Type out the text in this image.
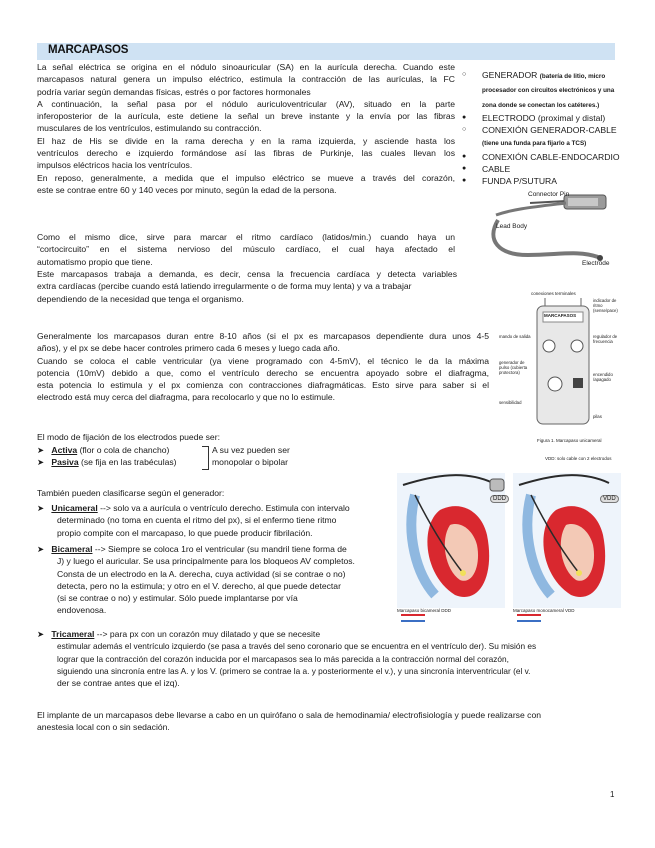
MARCAPASOS
La señal eléctrica se origina en el nódulo sinoauricular (SA) en la aurícula derecha. Cuando este
marcapasos natural genera un impulso eléctrico, estimula la contracción de las aurículas, la FC
podría variar según demandas físicas, estrés o por factores hormonales
A continuación, la señal pasa por el nódulo auriculoventricular (AV), situado en la parte
inferoposterior de la aurícula, este detiene la señal un breve instante y la envía por las fibras
musculares de los ventrículos, estimulando su contracción.
El haz de His se divide en la rama derecha y en la rama izquierda, y asciende hasta los
ventrículos derecho e izquierdo formándose así las fibras de Purkinje, las cuales llevan los
impulsos eléctricos hacia los ventrículos.
En reposo, generalmente, a medida que el impulso eléctrico se mueve a través del corazón,
este se contrae entre 60 y 140 veces por minuto, según la edad de la persona.
○ GENERADOR (batería de litio, micro procesador con circuitos electrónicos y una zona donde se conectan los catéteres.)
● ELECTRODO (proximal y distal)
○ CONEXIÓN GENERADOR-CABLE (tiene una funda para fijarlo a TCS)
● CONEXIÓN CABLE-ENDOCARDIO
● CABLE
● FUNDA P/SUTURA
Connector Pin
Lead Body
Electrode
Como el mismo dice, sirve para marcar el ritmo cardíaco (latidos/min.) cuando haya un
“cortocircuito” en el sistema nervioso del músculo cardíaco, el cual haya afectado el
automatismo propio que tiene.
Este marcapasos trabaja a demanda, es decir, censa la frecuencia cardíaca y detecta variables
extra cardíacas (percibe cuando está latiendo irregularmente o de forma muy lenta) y va a trabajar
dependiendo de la necesidad que tenga el organismo.
conexiones terminales
MARCAPASOS
mando de salida
generador de pulso (cubierta protectora)
sensibilidad
indicador de ritmo (sense/pace)
regulador de frecuencia
encendido /apagado
pilas
Figura 1. Marcapaso unicameral
Generalmente los marcapasos duran entre 8-10 años (si el px es marcapasos dependiente dura unos 4-5
años), y el px se debe hacer controles primero cada 6 meses y luego cada año.
Cuando se coloca el cable ventricular (ya viene programado con 4-5mV), el técnico le da la máxima
potencia (10mV) debido a que, como el ventrículo derecho se encuentra apoyado sobre el diafragma,
esta potencia lo estimula y el px comienza con contracciones diafragmáticas. Esto sirve para saber si el
electrodo está muy cerca del diafragma, para recolocarlo y que no lo estimule.
El modo de fijación de los electrodos puede ser:
➤ Activa (flor o cola de chancho)
➤ Pasiva (se fija en las trabéculas)
A su vez pueden ser
monopolar o bipolar
También pueden clasificarse según el generador:
➤ Unicameral --> solo va a aurícula o ventrículo derecho. Estimula con intervalo
determinado (no toma en cuenta el ritmo del px), si el enfermo tiene ritmo
propio compite con el marcapaso, lo que puede producir fibrilación.
➤ Bicameral --> Siempre se coloca 1ro el ventricular (su mandril tiene forma de
J) y luego el auricular. Se usa principalmente para los bloqueos AV completos.
Consta de un electrodo en la A. derecha, cuya actividad (si se contrae o no)
detecta, pero no la estimula; y otro en el V. derecho, al que puede detectar
(si se contrae o no) y estimular. Sólo puede implantarse por vía
endovenosa.
➤ Tricameral --> para px con un corazón muy dilatado y que se necesite
estimular además el ventrículo izquierdo (se pasa a través del seno coronario que se encuentra en el ventrículo der). Su misión es
lograr que la contracción del corazón inducida por el marcapasos sea lo más parecida a la contracción normal del corazón,
siguiendo una sincronía entre las A. y los V. (primero se contrae la a. y posteriormente el v.), y una sincronía interventricular (el v.
der se contrae antes que el izq).
VDD: solo cable con 2 electrodos
DDD	VDD
Marcapaso bicameral DDD	Marcapaso monocameral VDD
El implante de un marcapasos debe llevarse a cabo en un quirófano o sala de hemodinamia/ electrofisiología y puede realizarse con
anestesia local con o sin sedación.
1
